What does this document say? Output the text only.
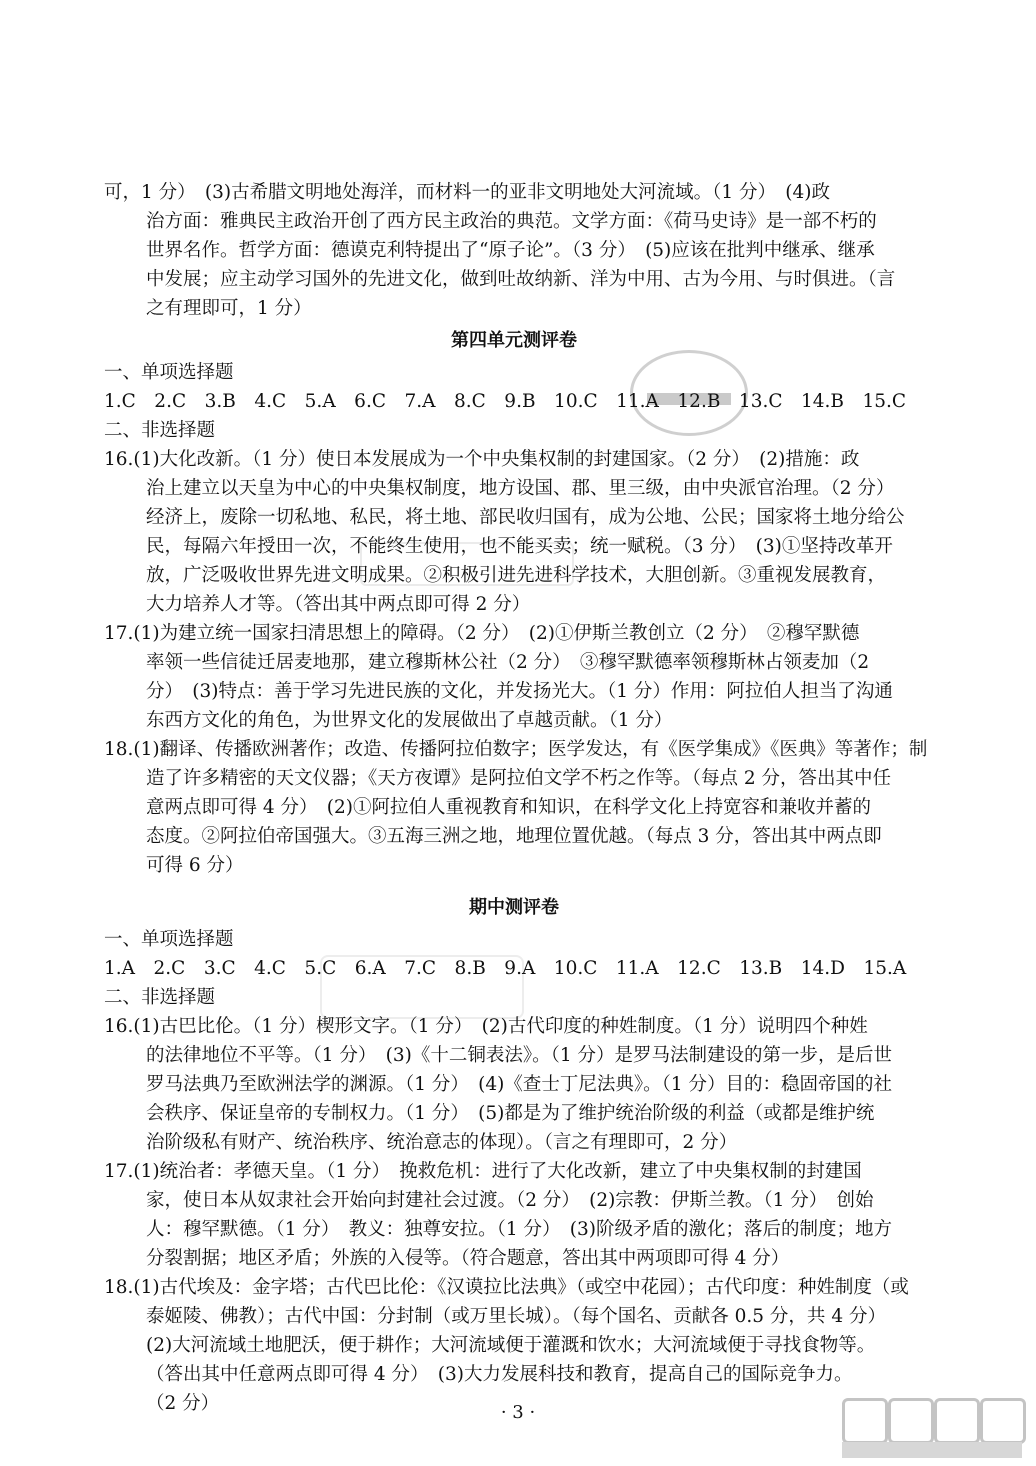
可，1 分）　(3)古希腊文明地处海洋，而材料一的亚非文明地处大河流域。（1 分）　(4)政
治方面：雅典民主政治开创了西方民主政治的典范。文学方面：《荷马史诗》是一部不朽的
世界名作。哲学方面：德谟克利特提出了“原子论”。（3 分）　(5)应该在批判中继承、继承
中发展；应主动学习国外的先进文化，做到吐故纳新、洋为中用、古为今用、与时俱进。（言
之有理即可，1 分）
第四单元测评卷
一、单项选择题
1.C　2.C　3.B　4.C　5.A　6.C　7.A　8.C　9.B　10.C　11.A　12.B　13.C　14.B　15.C
二、非选择题
16.(1)大化改新。（1 分）使日本发展成为一个中央集权制的封建国家。（2 分）　(2)措施：政
治上建立以天皇为中心的中央集权制度，地方设国、郡、里三级，由中央派官治理。（2 分）
经济上，废除一切私地、私民，将土地、部民收归国有，成为公地、公民；国家将土地分给公
民，每隔六年授田一次，不能终生使用，也不能买卖；统一赋税。（3 分）　(3)①坚持改革开
放，广泛吸收世界先进文明成果。②积极引进先进科学技术，大胆创新。③重视发展教育，
大力培养人才等。（答出其中两点即可得 2 分）
17.(1)为建立统一国家扫清思想上的障碍。（2 分）　(2)①伊斯兰教创立（2 分）　②穆罕默德
率领一些信徒迁居麦地那，建立穆斯林公社（2 分）　③穆罕默德率领穆斯林占领麦加（2
分）　(3)特点：善于学习先进民族的文化，并发扬光大。（1 分）作用：阿拉伯人担当了沟通
东西方文化的角色，为世界文化的发展做出了卓越贡献。（1 分）
18.(1)翻译、传播欧洲著作；改造、传播阿拉伯数字；医学发达，有《医学集成》《医典》等著作；制
造了许多精密的天文仪器；《天方夜谭》是阿拉伯文学不朽之作等。（每点 2 分，答出其中任
意两点即可得 4 分）　(2)①阿拉伯人重视教育和知识，在科学文化上持宽容和兼收并蓄的
态度。②阿拉伯帝国强大。③五海三洲之地，地理位置优越。（每点 3 分，答出其中两点即
可得 6 分）
期中测评卷
一、单项选择题
1.A　2.C　3.C　4.C　5.C　6.A　7.C　8.B　9.A　10.C　11.A　12.C　13.B　14.D　15.A
二、非选择题
16.(1)古巴比伦。（1 分）楔形文字。（1 分）　(2)古代印度的种姓制度。（1 分）说明四个种姓
的法律地位不平等。（1 分）　(3)《十二铜表法》。（1 分）是罗马法制建设的第一步，是后世
罗马法典乃至欧洲法学的渊源。（1 分）　(4)《查士丁尼法典》。（1 分）目的：稳固帝国的社
会秩序、保证皇帝的专制权力。（1 分）　(5)都是为了维护统治阶级的利益（或都是维护统
治阶级私有财产、统治秩序、统治意志的体现）。（言之有理即可，2 分）
17.(1)统治者：孝德天皇。（1 分）　挽救危机：进行了大化改新，建立了中央集权制的封建国
家，使日本从奴隶社会开始向封建社会过渡。（2 分）　(2)宗教：伊斯兰教。（1 分）　创始
人：穆罕默德。（1 分）　教义：独尊安拉。（1 分）　(3)阶级矛盾的激化；落后的制度；地方
分裂割据；地区矛盾；外族的入侵等。（符合题意，答出其中两项即可得 4 分）
18.(1)古代埃及：金字塔；古代巴比伦：《汉谟拉比法典》（或空中花园）；古代印度：种姓制度（或
泰姬陵、佛教）；古代中国：分封制（或万里长城）。（每个国名、贡献各 0.5 分，共 4 分）
(2)大河流域土地肥沃，便于耕作；大河流域便于灌溉和饮水；大河流域便于寻找食物等。
（答出其中任意两点即可得 4 分）　(3)大力发展科技和教育，提高自己的国际竞争力。
（2 分）	· 3 ·
